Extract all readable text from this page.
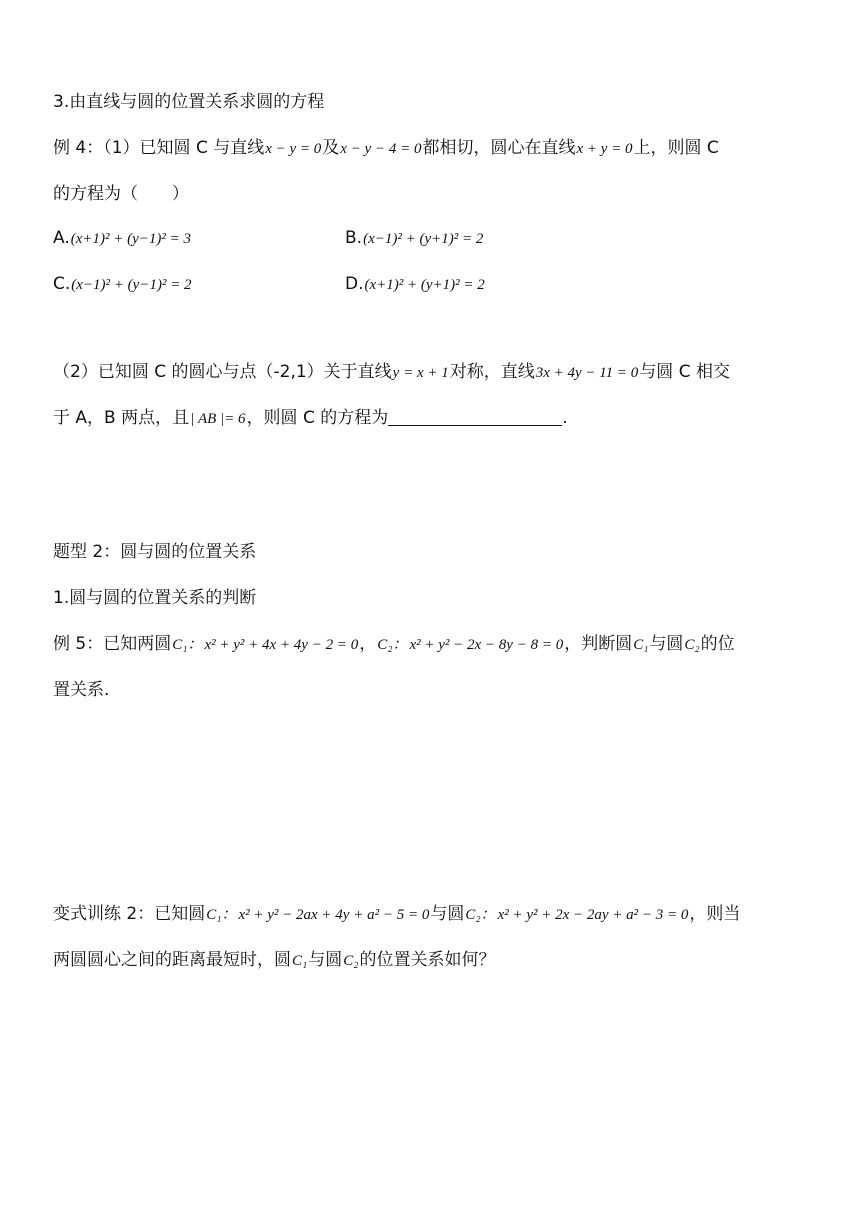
3.由直线与圆的位置关系求圆的方程
例 4：（1）已知圆 C 与直线x − y = 0及x − y − 4 = 0都相切，圆心在直线x + y = 0上，则圆 C
的方程为（　　）
A.(x+1)² + (y−1)² = 3	B.(x−1)² + (y+1)² = 2
C.(x−1)² + (y−1)² = 2	D.(x+1)² + (y+1)² = 2
（2）已知圆 C 的圆心与点（-2,1）关于直线y = x + 1对称，直线3x + 4y − 11 = 0与圆 C 相交
于 A，B 两点，且| AB |= 6，则圆 C 的方程为	.
题型 2：圆与圆的位置关系
1.圆与圆的位置关系的判断
例 5：已知两圆C₁： x² + y² + 4x + 4y − 2 = 0，C₂： x² + y² − 2x − 8y − 8 = 0，判断圆C₁与圆C₂的位
置关系.
变式训练 2：已知圆C₁： x² + y² − 2ax + 4y + a² − 5 = 0与圆C₂： x² + y² + 2x − 2ay + a² − 3 = 0，则当
两圆圆心之间的距离最短时，圆C₁与圆C₂的位置关系如何？
